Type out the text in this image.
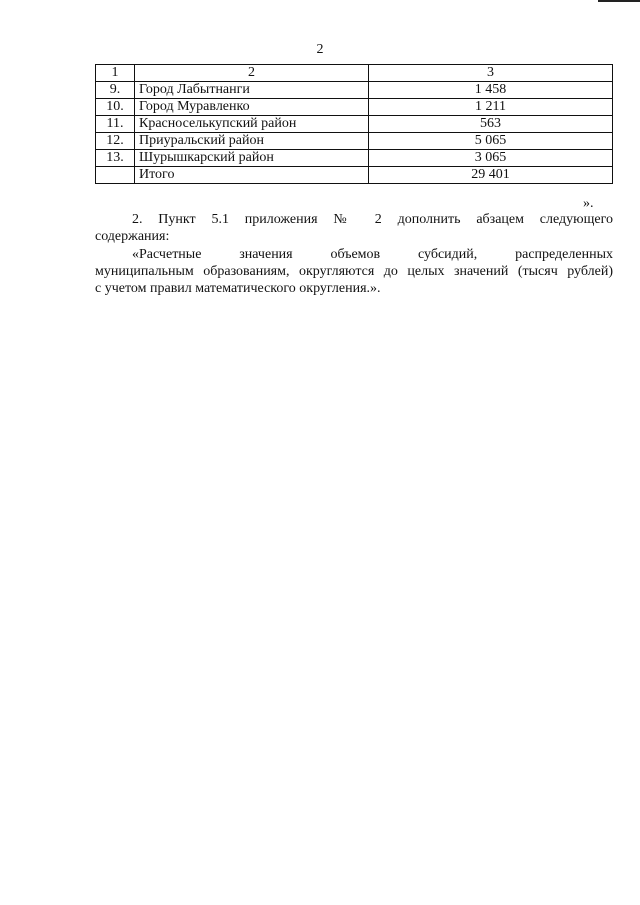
2
1	2	3
9.	Город Лабытнанги	1 458
10.	Город Муравленко	1 211
11.	Красноселькупский район	563
12.	Приуральский район	5 065
13.	Шурышкарский район	3 065
	Итого	29 401
».

2. Пункт 5.1 приложения № 2 дополнить абзацем следующего

содержания:

«Расчетные значения объемов субсидий, распределенных

муниципальным образованиям, округляются до целых значений (тысяч рублей)

с учетом правил математического округления.».
